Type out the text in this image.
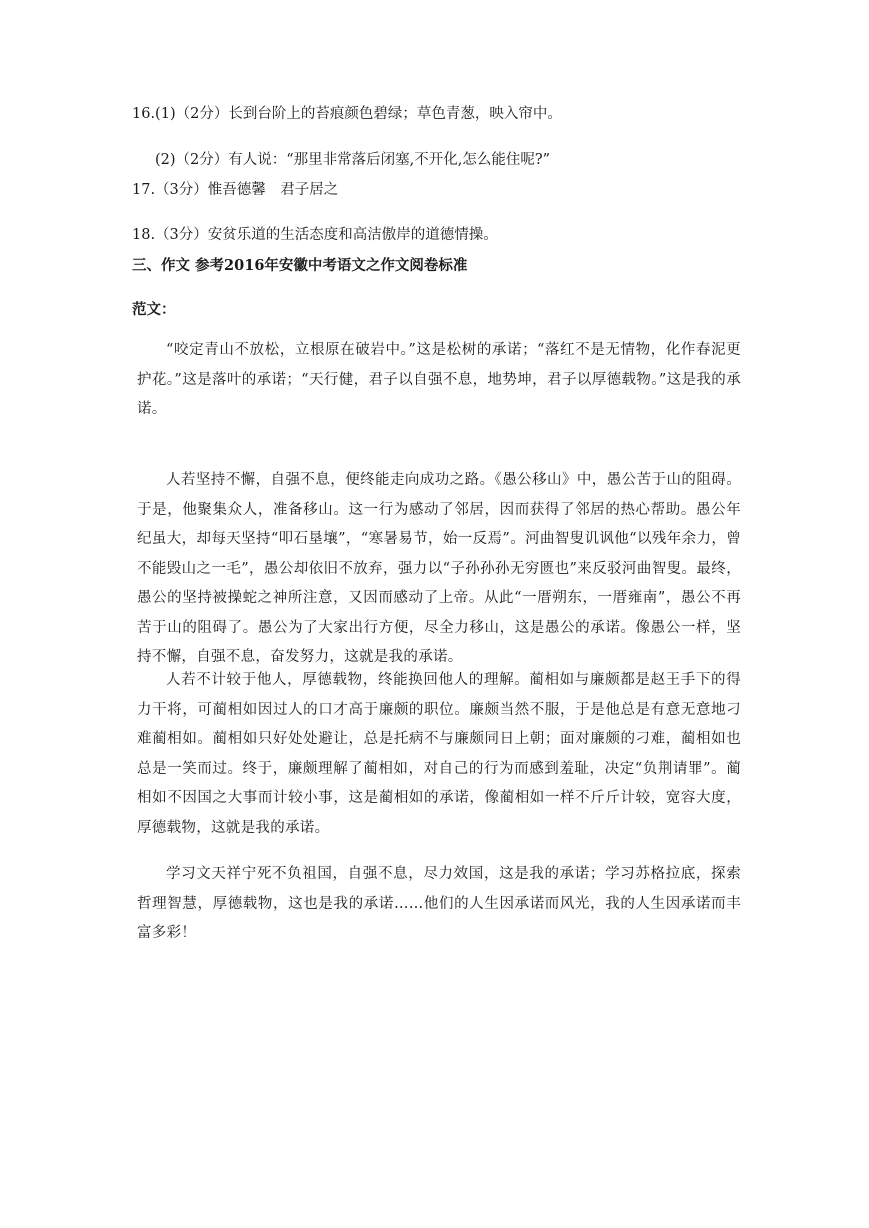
16.(1)（2分）长到台阶上的苔痕颜色碧绿；草色青葱，映入帘中。

(2)（2分）有人说：“那里非常落后闭塞,不开化,怎么能住呢?”

17.（3分）惟吾德馨　君子居之

18.（3分）安贫乐道的生活态度和高洁傲岸的道德情操。

三、作文 参考2016年安徽中考语文之作文阅卷标准

范文：

“咬定青山不放松，立根原在破岩中。”这是松树的承诺；“落红不是无情物，化作春泥更护花。”这是落叶的承诺；“天行健，君子以自强不息，地势坤，君子以厚德载物。”这是我的承诺。

人若坚持不懈，自强不息，便终能走向成功之路。《愚公移山》中，愚公苦于山的阻碍。于是，他聚集众人，准备移山。这一行为感动了邻居，因而获得了邻居的热心帮助。愚公年纪虽大，却每天坚持“叩石垦壤”，“寒暑易节，始一反焉”。河曲智叟讥讽他“以残年余力，曾不能毁山之一毛”，愚公却依旧不放弃，强力以“子孙孙孙无穷匮也”来反驳河曲智叟。最终，愚公的坚持被操蛇之神所注意，又因而感动了上帝。从此“一厝朔东，一厝雍南”，愚公不再苦于山的阻碍了。愚公为了大家出行方便，尽全力移山，这是愚公的承诺。像愚公一样，坚持不懈，自强不息，奋发努力，这就是我的承诺。

人若不计较于他人，厚德载物，终能换回他人的理解。蔺相如与廉颇都是赵王手下的得力干将，可蔺相如因过人的口才高于廉颇的职位。廉颇当然不服，于是他总是有意无意地刁难蔺相如。蔺相如只好处处避让，总是托病不与廉颇同日上朝；面对廉颇的刁难，蔺相如也总是一笑而过。终于，廉颇理解了蔺相如，对自己的行为而感到羞耻，决定“负荆请罪”。蔺相如不因国之大事而计较小事，这是蔺相如的承诺，像蔺相如一样不斤斤计较，宽容大度，厚德载物，这就是我的承诺。

学习文天祥宁死不负祖国，自强不息，尽力效国，这是我的承诺；学习苏格拉底，探索哲理智慧，厚德载物，这也是我的承诺……他们的人生因承诺而风光，我的人生因承诺而丰富多彩！
